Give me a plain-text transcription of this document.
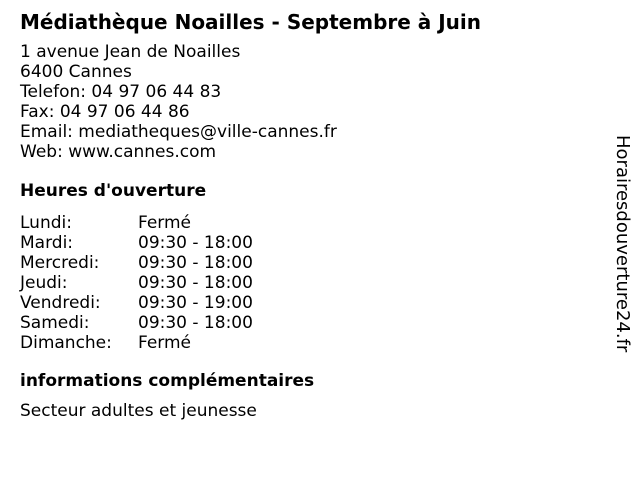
Médiathèque Noailles - Septembre à Juin
1 avenue Jean de Noailles
6400 Cannes
Telefon: 04 97 06 44 83
Fax: 04 97 06 44 86
Email: mediatheques@ville-cannes.fr
Web: www.cannes.com
Heures d'ouverture
Lundi:	Fermé
Mardi:	09:30 - 18:00
Mercredi:	09:30 - 18:00
Jeudi:	09:30 - 18:00
Vendredi:	09:30 - 19:00
Samedi:	09:30 - 18:00
Dimanche:	Fermé
informations complémentaires
Secteur adultes et jeunesse
Horairesdouverture24.fr
